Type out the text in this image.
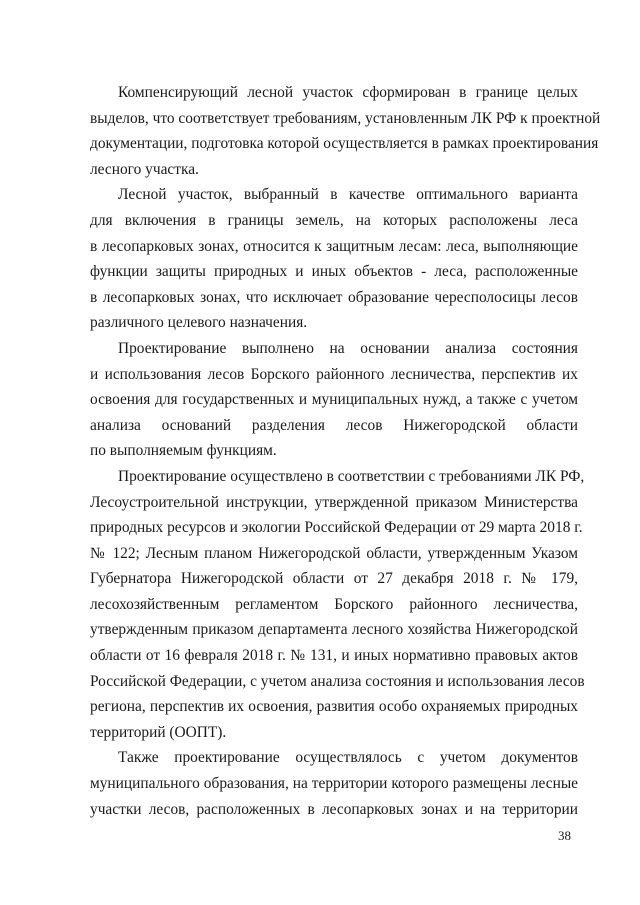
Компенсирующий лесной участок сформирован в границе целых
выделов, что соответствует требованиям, установленным ЛК РФ к проектной
документации, подготовка которой осуществляется в рамках проектирования
лесного участка.

Лесной участок, выбранный в качестве оптимального варианта
для включения в границы земель, на которых расположены леса
в лесопарковых зонах, относится к защитным лесам: леса, выполняющие
функции защиты природных и иных объектов - леса, расположенные
в лесопарковых зонах, что исключает образование чересполосицы лесов
различного целевого назначения.

Проектирование выполнено на основании анализа состояния
и использования лесов Борского районного лесничества, перспектив их
освоения для государственных и муниципальных нужд, а также с учетом
анализа оснований разделения лесов Нижегородской области
по выполняемым функциям.

Проектирование осуществлено в соответствии с требованиями ЛК РФ,
Лесоустроительной инструкции, утвержденной приказом Министерства
природных ресурсов и экологии Российской Федерации от 29 марта 2018 г.
№ 122; Лесным планом Нижегородской области, утвержденным Указом
Губернатора Нижегородской области от 27 декабря 2018 г. № 179,
лесохозяйственным регламентом Борского районного лесничества,
утвержденным приказом департамента лесного хозяйства Нижегородской
области от 16 февраля 2018 г. № 131, и иных нормативно правовых актов
Российской Федерации, с учетом анализа состояния и использования лесов
региона, перспектив их освоения, развития особо охраняемых природных
территорий (ООПТ).

Также проектирование осуществлялось с учетом документов
муниципального образования, на территории которого размещены лесные
участки лесов, расположенных в лесопарковых зонах и на территории

38
